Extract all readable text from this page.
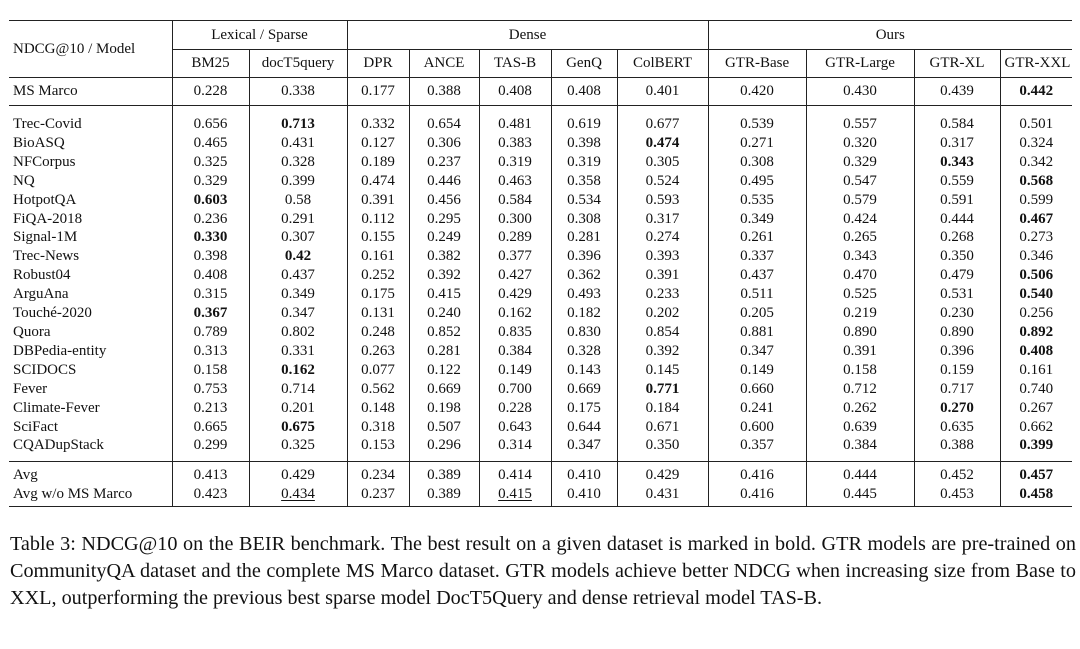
NDCG@10 / Model	Lexical / Sparse		Dense					Ours			
	BM25	docT5query	DPR	ANCE	TAS-B	GenQ	ColBERT	GTR-Base	GTR-Large	GTR-XL	GTR-XXL
MS Marco	0.228	0.338	0.177	0.388	0.408	0.408	0.401	0.420	0.430	0.439	0.442
Trec-Covid	0.656	0.713	0.332	0.654	0.481	0.619	0.677	0.539	0.557	0.584	0.501
BioASQ	0.465	0.431	0.127	0.306	0.383	0.398	0.474	0.271	0.320	0.317	0.324
NFCorpus	0.325	0.328	0.189	0.237	0.319	0.319	0.305	0.308	0.329	0.343	0.342
NQ	0.329	0.399	0.474	0.446	0.463	0.358	0.524	0.495	0.547	0.559	0.568
HotpotQA	0.603	0.58	0.391	0.456	0.584	0.534	0.593	0.535	0.579	0.591	0.599
FiQA-2018	0.236	0.291	0.112	0.295	0.300	0.308	0.317	0.349	0.424	0.444	0.467
Signal-1M	0.330	0.307	0.155	0.249	0.289	0.281	0.274	0.261	0.265	0.268	0.273
Trec-News	0.398	0.42	0.161	0.382	0.377	0.396	0.393	0.337	0.343	0.350	0.346
Robust04	0.408	0.437	0.252	0.392	0.427	0.362	0.391	0.437	0.470	0.479	0.506
ArguAna	0.315	0.349	0.175	0.415	0.429	0.493	0.233	0.511	0.525	0.531	0.540
Touché-2020	0.367	0.347	0.131	0.240	0.162	0.182	0.202	0.205	0.219	0.230	0.256
Quora	0.789	0.802	0.248	0.852	0.835	0.830	0.854	0.881	0.890	0.890	0.892
DBPedia-entity	0.313	0.331	0.263	0.281	0.384	0.328	0.392	0.347	0.391	0.396	0.408
SCIDOCS	0.158	0.162	0.077	0.122	0.149	0.143	0.145	0.149	0.158	0.159	0.161
Fever	0.753	0.714	0.562	0.669	0.700	0.669	0.771	0.660	0.712	0.717	0.740
Climate-Fever	0.213	0.201	0.148	0.198	0.228	0.175	0.184	0.241	0.262	0.270	0.267
SciFact	0.665	0.675	0.318	0.507	0.643	0.644	0.671	0.600	0.639	0.635	0.662
CQADupStack	0.299	0.325	0.153	0.296	0.314	0.347	0.350	0.357	0.384	0.388	0.399
Avg	0.413	0.429	0.234	0.389	0.414	0.410	0.429	0.416	0.444	0.452	0.457
Avg w/o MS Marco	0.423	0.434	0.237	0.389	0.415	0.410	0.431	0.416	0.445	0.453	0.458
Table 3: NDCG@10 on the BEIR benchmark. The best result on a given dataset is marked in bold. GTR models are pre-trained on CommunityQA dataset and the complete MS Marco dataset. GTR models achieve better NDCG when increasing size from Base to XXL, outperforming the previous best sparse model DocT5Query and dense retrieval model TAS-B.
